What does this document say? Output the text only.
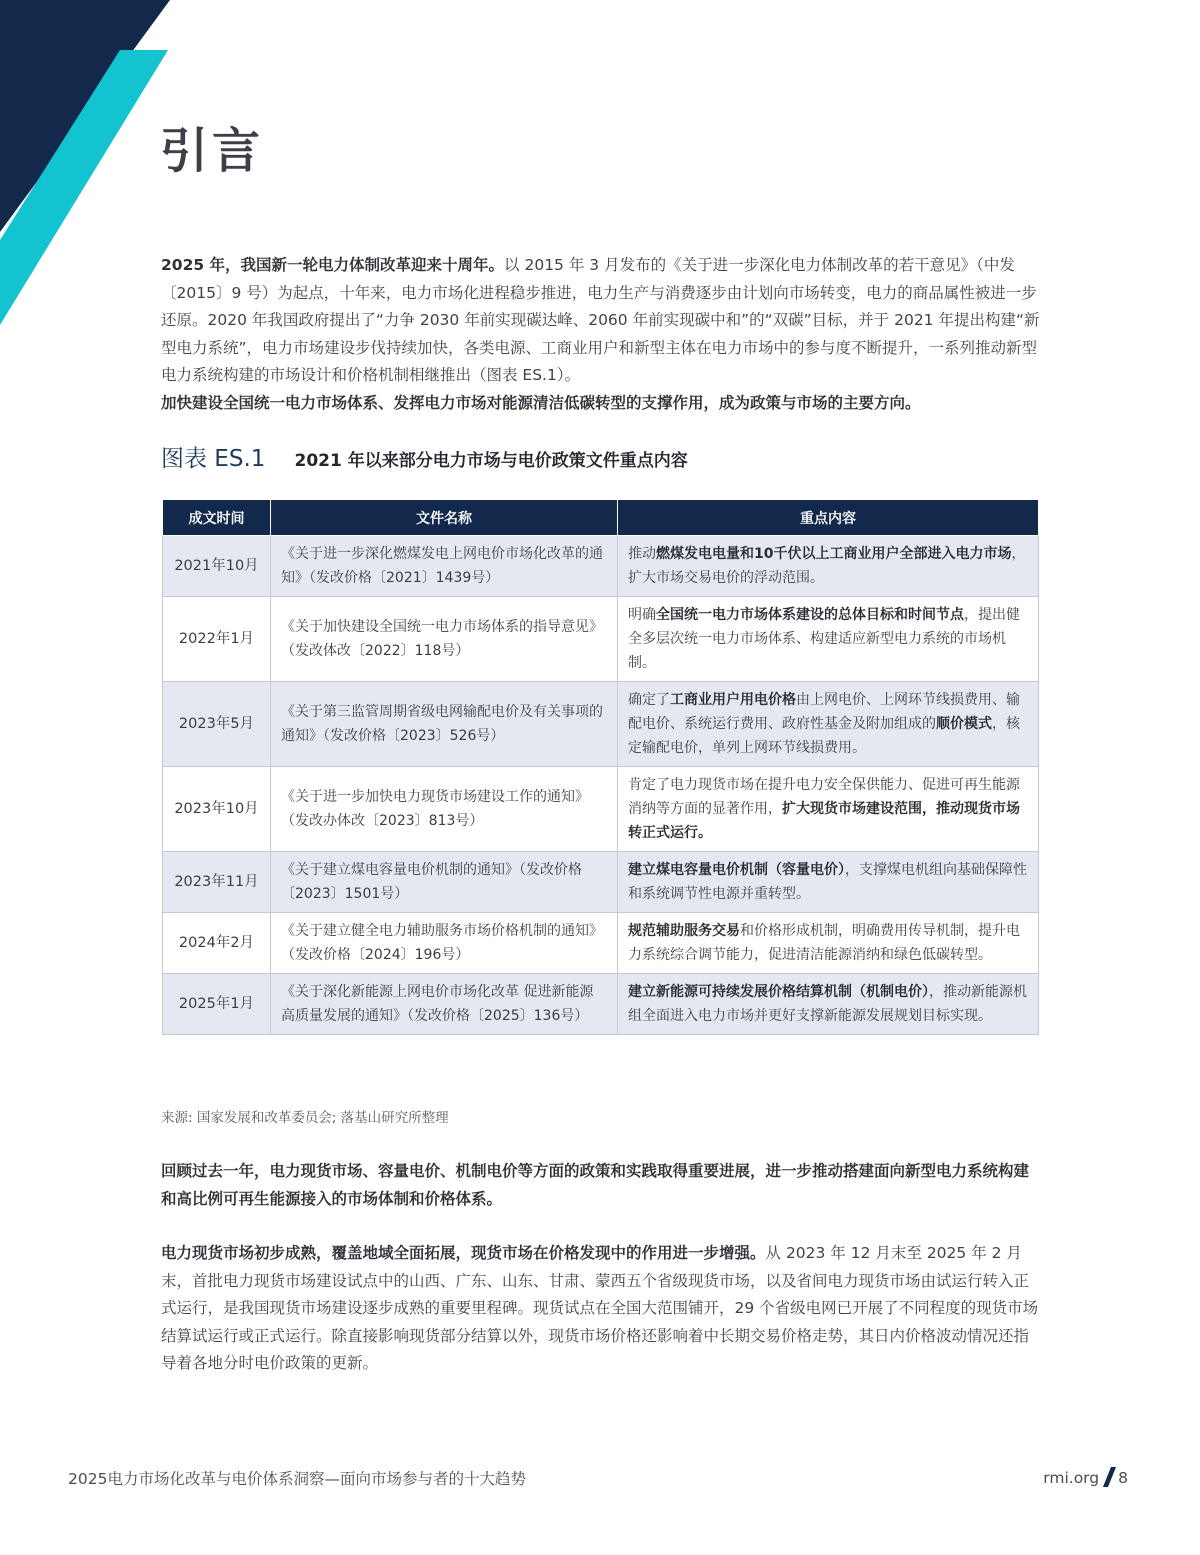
引言

2025 年，我国新一轮电力体制改革迎来十周年。以 2015 年 3 月发布的《关于进一步深化电力体制改革的若干意见》（中发〔2015〕9 号）为起点，十年来，电力市场化进程稳步推进，电力生产与消费逐步由计划向市场转变，电力的商品属性被进一步还原。2020 年我国政府提出了“力争 2030 年前实现碳达峰、2060 年前实现碳中和”的“双碳”目标，并于 2021 年提出构建“新型电力系统”，电力市场建设步伐持续加快，各类电源、工商业用户和新型主体在电力市场中的参与度不断提升，一系列推动新型电力系统构建的市场设计和价格机制相继推出（图表 ES.1）。
加快建设全国统一电力市场体系、发挥电力市场对能源清洁低碳转型的支撑作用，成为政策与市场的主要方向。

图表 ES.1 2021 年以来部分电力市场与电价政策文件重点内容
成文时间	文件名称	重点内容
2021年10月	《关于进一步深化燃煤发电上网电价市场化改革的通知》（发改价格〔2021〕1439号）	推动燃煤发电电量和10千伏以上工商业用户全部进入电力市场，扩大市场交易电价的浮动范围。
2022年1月	《关于加快建设全国统一电力市场体系的指导意见》（发改体改〔2022〕118号）	明确全国统一电力市场体系建设的总体目标和时间节点，提出健全多层次统一电力市场体系、构建适应新型电力系统的市场机制。
2023年5月	《关于第三监管周期省级电网输配电价及有关事项的通知》（发改价格〔2023〕526号）	确定了工商业用户用电价格由上网电价、上网环节线损费用、输配电价、系统运行费用、政府性基金及附加组成的顺价模式，核定输配电价，单列上网环节线损费用。
2023年10月	《关于进一步加快电力现货市场建设工作的通知》（发改办体改〔2023〕813号）	肯定了电力现货市场在提升电力安全保供能力、促进可再生能源消纳等方面的显著作用，扩大现货市场建设范围，推动现货市场转正式运行。
2023年11月	《关于建立煤电容量电价机制的通知》（发改价格〔2023〕1501号）	建立煤电容量电价机制（容量电价），支撑煤电机组向基础保障性和系统调节性电源并重转型。
2024年2月	《关于建立健全电力辅助服务市场价格机制的通知》（发改价格〔2024〕196号）	规范辅助服务交易和价格形成机制，明确费用传导机制，提升电力系统综合调节能力，促进清洁能源消纳和绿色低碳转型。
2025年1月	《关于深化新能源上网电价市场化改革 促进新能源高质量发展的通知》（发改价格〔2025〕136号）	建立新能源可持续发展价格结算机制（机制电价），推动新能源机组全面进入电力市场并更好支撑新能源发展规划目标实现。

来源: 国家发展和改革委员会; 落基山研究所整理

回顾过去一年，电力现货市场、容量电价、机制电价等方面的政策和实践取得重要进展，进一步推动搭建面向新型电力系统构建和高比例可再生能源接入的市场体制和价格体系。

电力现货市场初步成熟，覆盖地域全面拓展，现货市场在价格发现中的作用进一步增强。从 2023 年 12 月末至 2025 年 2 月末，首批电力现货市场建设试点中的山西、广东、山东、甘肃、蒙西五个省级现货市场，以及省间电力现货市场由试运行转入正式运行，是我国现货市场建设逐步成熟的重要里程碑。现货试点在全国大范围铺开，29 个省级电网已开展了不同程度的现货市场结算试运行或正式运行。除直接影响现货部分结算以外，现货市场价格还影响着中长期交易价格走势，其日内价格波动情况还指导着各地分时电价政策的更新。

2025电力市场化改革与电价体系洞察—面向市场参与者的十大趋势	rmi.org 8
